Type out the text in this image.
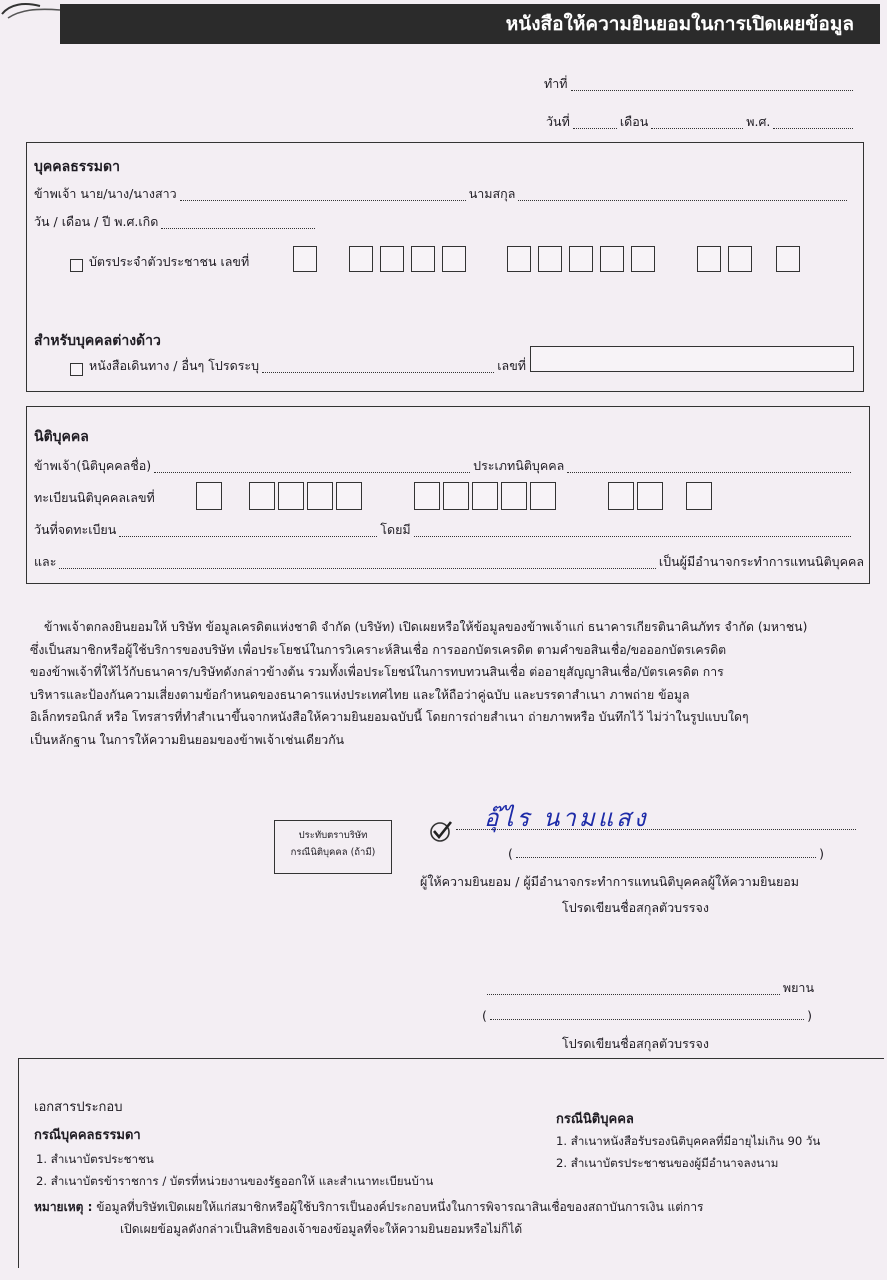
หนังสือให้ความยินยอมในการเปิดเผยข้อมูล
ทำที่
วันที่	เดือน	พ.ศ.
บุคคลธรรมดา
ข้าพเจ้า นาย/นาง/นางสาว	นามสกุล
วัน / เดือน / ปี พ.ศ.เกิด
บัตรประจำตัวประชาชน เลขที่
สำหรับบุคคลต่างด้าว
หนังสือเดินทาง / อื่นๆ โปรดระบุ	เลขที่
นิติบุคคล
ข้าพเจ้า(นิติบุคคลชื่อ)	ประเภทนิติบุคคล
ทะเบียนนิติบุคคลเลขที่
วันที่จดทะเบียน	โดยมี
และ	เป็นผู้มีอำนาจกระทำการแทนนิติบุคคล
ข้าพเจ้าตกลงยินยอมให้ บริษัท ข้อมูลเครดิตแห่งชาติ จำกัด (บริษัท) เปิดเผยหรือให้ข้อมูลของข้าพเจ้าแก่ ธนาคารเกียรตินาคินภัทร จำกัด (มหาชน)
ซึ่งเป็นสมาชิกหรือผู้ใช้บริการของบริษัท เพื่อประโยชน์ในการวิเคราะห์สินเชื่อ การออกบัตรเครดิต ตามคำขอสินเชื่อ/ขอออกบัตรเครดิต
ของข้าพเจ้าที่ให้ไว้กับธนาคาร/บริษัทดังกล่าวข้างต้น รวมทั้งเพื่อประโยชน์ในการทบทวนสินเชื่อ ต่ออายุสัญญาสินเชื่อ/บัตรเครดิต การ
บริหารและป้องกันความเสี่ยงตามข้อกำหนดของธนาคารแห่งประเทศไทย และให้ถือว่าคู่ฉบับ และบรรดาสำเนา ภาพถ่าย ข้อมูล
อิเล็กทรอนิกส์ หรือ โทรสารที่ทำสำเนาขึ้นจากหนังสือให้ความยินยอมฉบับนี้ โดยการถ่ายสำเนา ถ่ายภาพหรือ บันทึกไว้ ไม่ว่าในรูปแบบใดๆ
เป็นหลักฐาน ในการให้ความยินยอมของข้าพเจ้าเช่นเดียวกัน
ประทับตราบริษัท
กรณีนิติบุคคล (ถ้ามี)
อุ๊ไร นามแสง
(	)
ผู้ให้ความยินยอม / ผู้มีอำนาจกระทำการแทนนิติบุคคลผู้ให้ความยินยอม
โปรดเขียนชื่อสกุลตัวบรรจง
พยาน
(	)
โปรดเขียนชื่อสกุลตัวบรรจง
เอกสารประกอบ
กรณีบุคคลธรรมดา
1. สำเนาบัตรประชาชน
2. สำเนาบัตรข้าราชการ / บัตรที่หน่วยงานของรัฐออกให้ และสำเนาทะเบียนบ้าน
กรณีนิติบุคคล
1. สำเนาหนังสือรับรองนิติบุคคลที่มีอายุไม่เกิน 90 วัน
2. สำเนาบัตรประชาชนของผู้มีอำนาจลงนาม
หมายเหตุ : ข้อมูลที่บริษัทเปิดเผยให้แก่สมาชิกหรือผู้ใช้บริการเป็นองค์ประกอบหนึ่งในการพิจารณาสินเชื่อของสถาบันการเงิน แต่การ
เปิดเผยข้อมูลดังกล่าวเป็นสิทธิของเจ้าของข้อมูลที่จะให้ความยินยอมหรือไม่ก็ได้
